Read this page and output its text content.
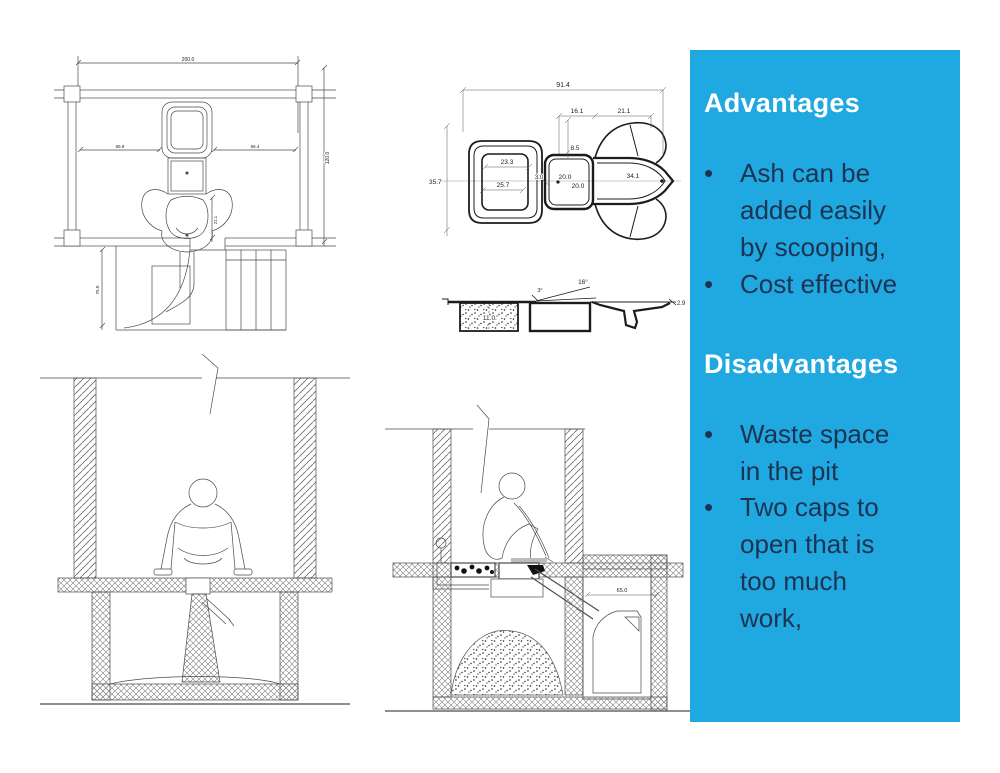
200.0
65.9	66.4
120.0
21.1
75.0
91.4
16.1	21.1
8.5
23.3
25.7
3.0 20.0
20.0
34.1
35.7
11.0
3°
16°
2.9
65.0
Advantages
•	Ash can be added easily by scooping,
•	Cost effective
Disadvantages
•	Waste space in the pit
•	Two caps to open that is too much work,
